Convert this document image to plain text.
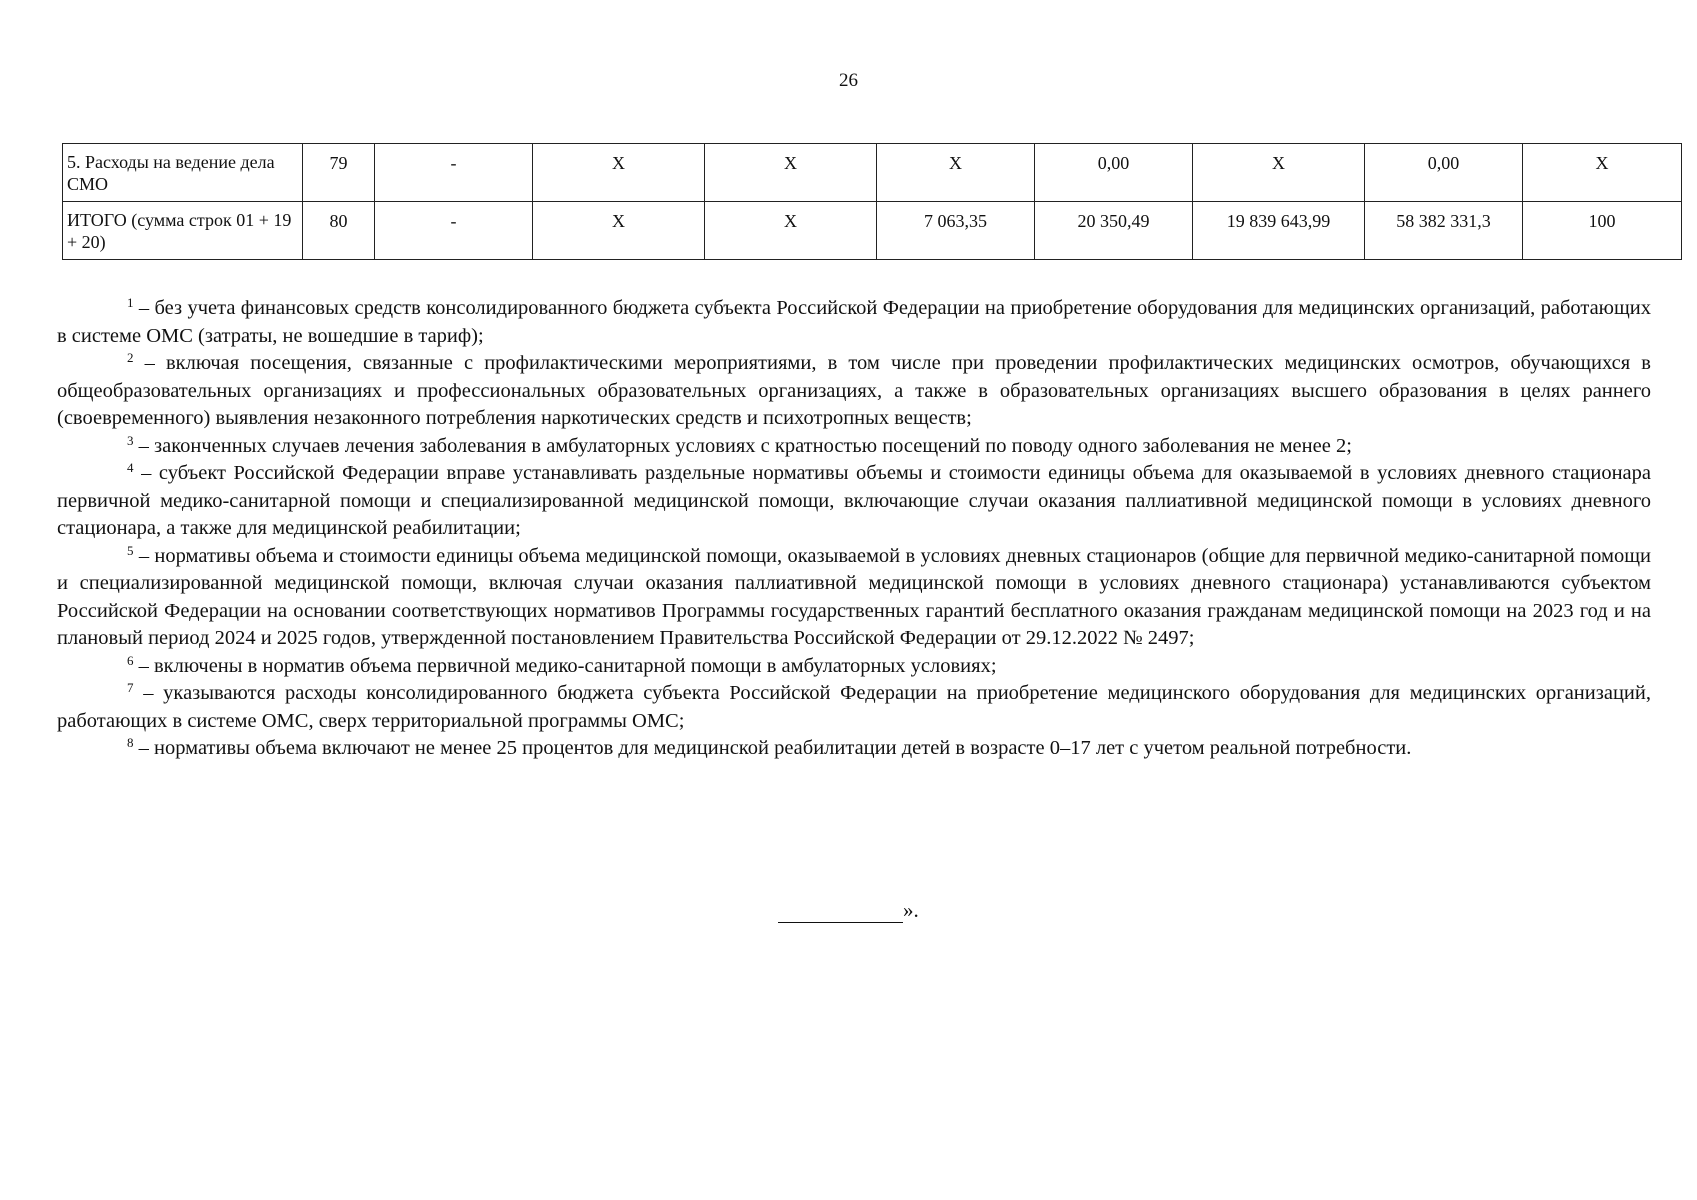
26
5. Расходы на ведение дела СМО	79	-	X	X	X	0,00	X	0,00	X
ИТОГО (сумма строк 01 + 19 + 20)	80	-	X	X	7 063,35	20 350,49	19 839 643,99	58 382 331,3	100

$^1$ – без учета финансовых средств консолидированного бюджета субъекта Российской Федерации на приобретение оборудования для медицинских организаций, работающих в системе ОМС (затраты, не вошедшие в тариф);

$^2$ – включая посещения, связанные с профилактическими мероприятиями, в том числе при проведении профилактических медицинских осмотров, обучающихся в общеобразовательных организациях и профессиональных образовательных организациях, а также в образовательных организациях высшего образования в целях раннего (своевременного) выявления незаконного потребления наркотических средств и психотропных веществ;

$^3$ – законченных случаев лечения заболевания в амбулаторных условиях с кратностью посещений по поводу одного заболевания не менее 2;

$^4$ – субъект Российской Федерации вправе устанавливать раздельные нормативы объемы и стоимости единицы объема для оказываемой в условиях дневного стационара первичной медико-санитарной помощи и специализированной медицинской помощи, включающие случаи оказания паллиативной медицинской помощи в условиях дневного стационара, а также для медицинской реабилитации;

$^5$ – нормативы объема и стоимости единицы объема медицинской помощи, оказываемой в условиях дневных стационаров (общие для первичной медико-санитарной помощи и специализированной медицинской помощи, включая случаи оказания паллиативной медицинской помощи в условиях дневного стационара) устанавливаются субъектом Российской Федерации на основании соответствующих нормативов Программы государственных гарантий бесплатного оказания гражданам медицинской помощи на 2023 год и на плановый период 2024 и 2025 годов, утвержденной постановлением Правительства Российской Федерации от 29.12.2022 № 2497;

$^6$ – включены в норматив объема первичной медико-санитарной помощи в амбулаторных условиях;

$^7$ – указываются расходы консолидированного бюджета субъекта Российской Федерации на приобретение медицинского оборудования для медицинских организаций, работающих в системе ОМС, сверх территориальной программы ОМС;

$^8$ – нормативы объема включают не менее 25 процентов для медицинской реабилитации детей в возрасте 0–17 лет с учетом реальной потребности.

».
